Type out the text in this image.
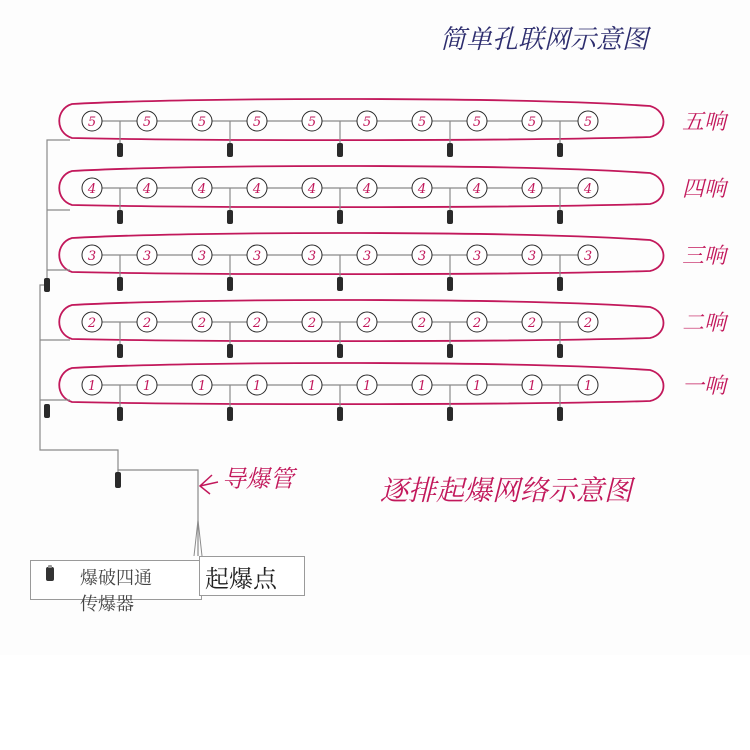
简单孔联网示意图
5	5	5	5	5	5	5	5	5	5	五响
4	4	4	4	4	4	4	4	4	4	四响
3	3	3	3	3	3	3	3	3	3	三响
2	2	2	2	2	2	2	2	2	2	二响
1	1	1	1	1	1	1	1	1	1	一响
导爆管	逐排起爆网络示意图
爆破四通
传爆器
起爆点
